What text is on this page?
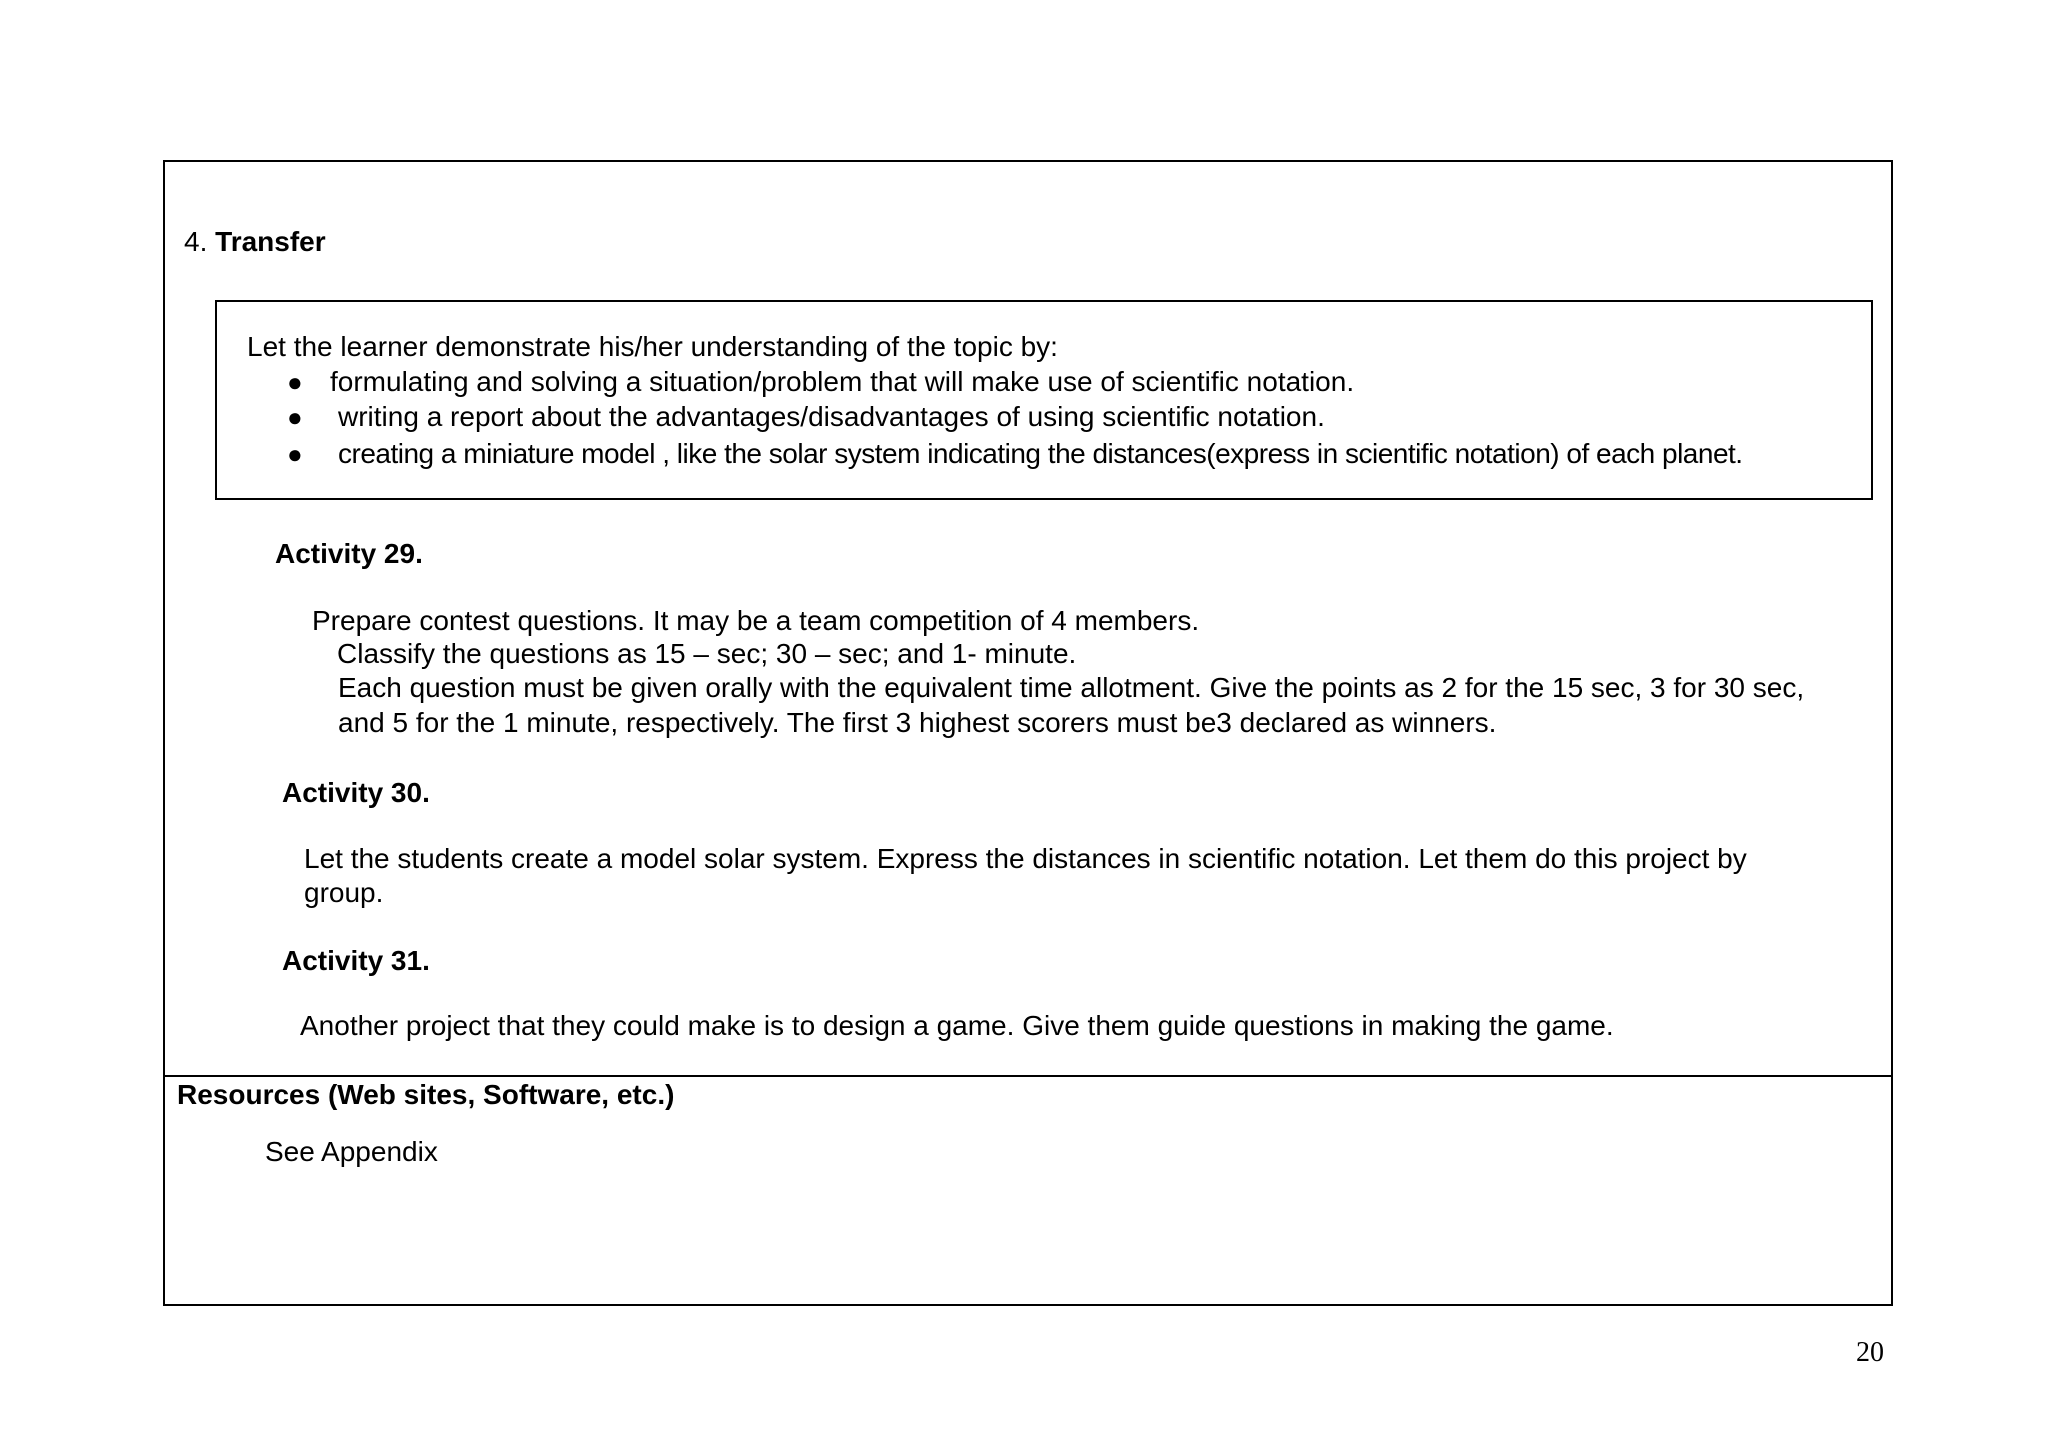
4. Transfer
Let the learner demonstrate his/her understanding of the topic by:
● formulating and solving a situation/problem that will make use of scientific notation.
● writing a report about the advantages/disadvantages of using scientific notation.
● creating a miniature model , like the solar system indicating the distances(express in scientific notation) of each planet.
Activity 29.
Prepare contest questions. It may be a team competition of 4 members.
Classify the questions as 15 – sec; 30 – sec; and 1- minute.
Each question must be given orally with the equivalent time allotment. Give the points as 2 for the 15 sec, 3 for 30 sec,
and 5 for the 1 minute, respectively. The first 3 highest scorers must be3 declared as winners.
Activity 30.
Let the students create a model solar system. Express the distances in scientific notation. Let them do this project by
group.
Activity 31.
Another project that they could make is to design a game. Give them guide questions in making the game.
Resources (Web sites, Software, etc.)
See Appendix
20
